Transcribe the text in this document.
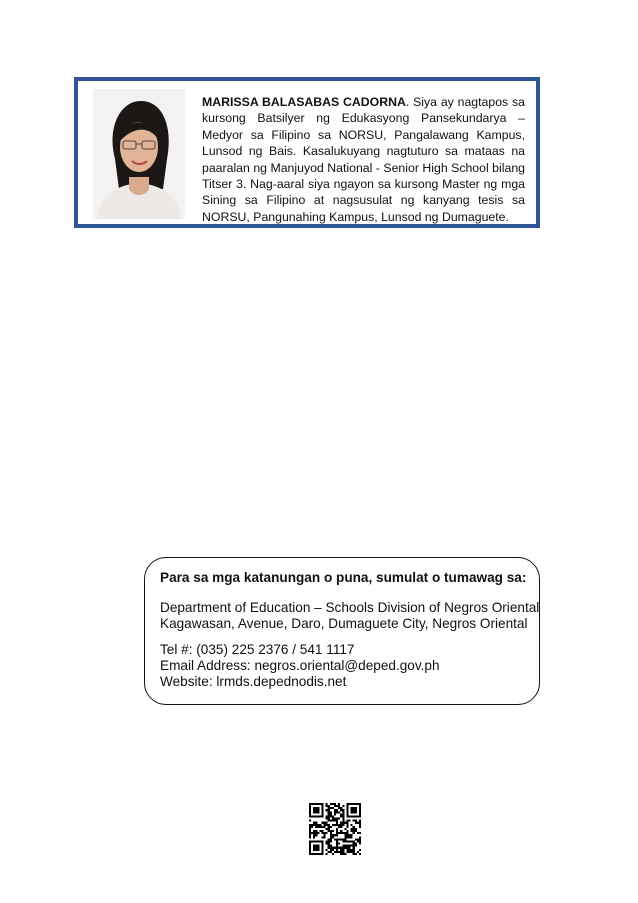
MARISSA BALASABAS CADORNA. Siya ay nagtapos sa kursong Batsilyer ng Edukasyong Pansekundarya – Medyor sa Filipino sa NORSU, Pangalawang Kampus, Lunsod ng Bais. Kasalukuyang nagtuturo sa mataas na paaralan ng Manjuyod National - Senior High School bilang Titser 3. Nag-aaral siya ngayon sa kursong Master ng mga Sining sa Filipino at nagsusulat ng kanyang tesis sa NORSU, Pangunahing Kampus, Lunsod ng Dumaguete.
Para sa mga katanungan o puna, sumulat o tumawag sa:
Department of Education – Schools Division of Negros Oriental
Kagawasan, Avenue, Daro, Dumaguete City, Negros Oriental
Tel #: (035) 225 2376 / 541 1117
Email Address: negros.oriental@deped.gov.ph
Website: lrmds.depednodis.net
